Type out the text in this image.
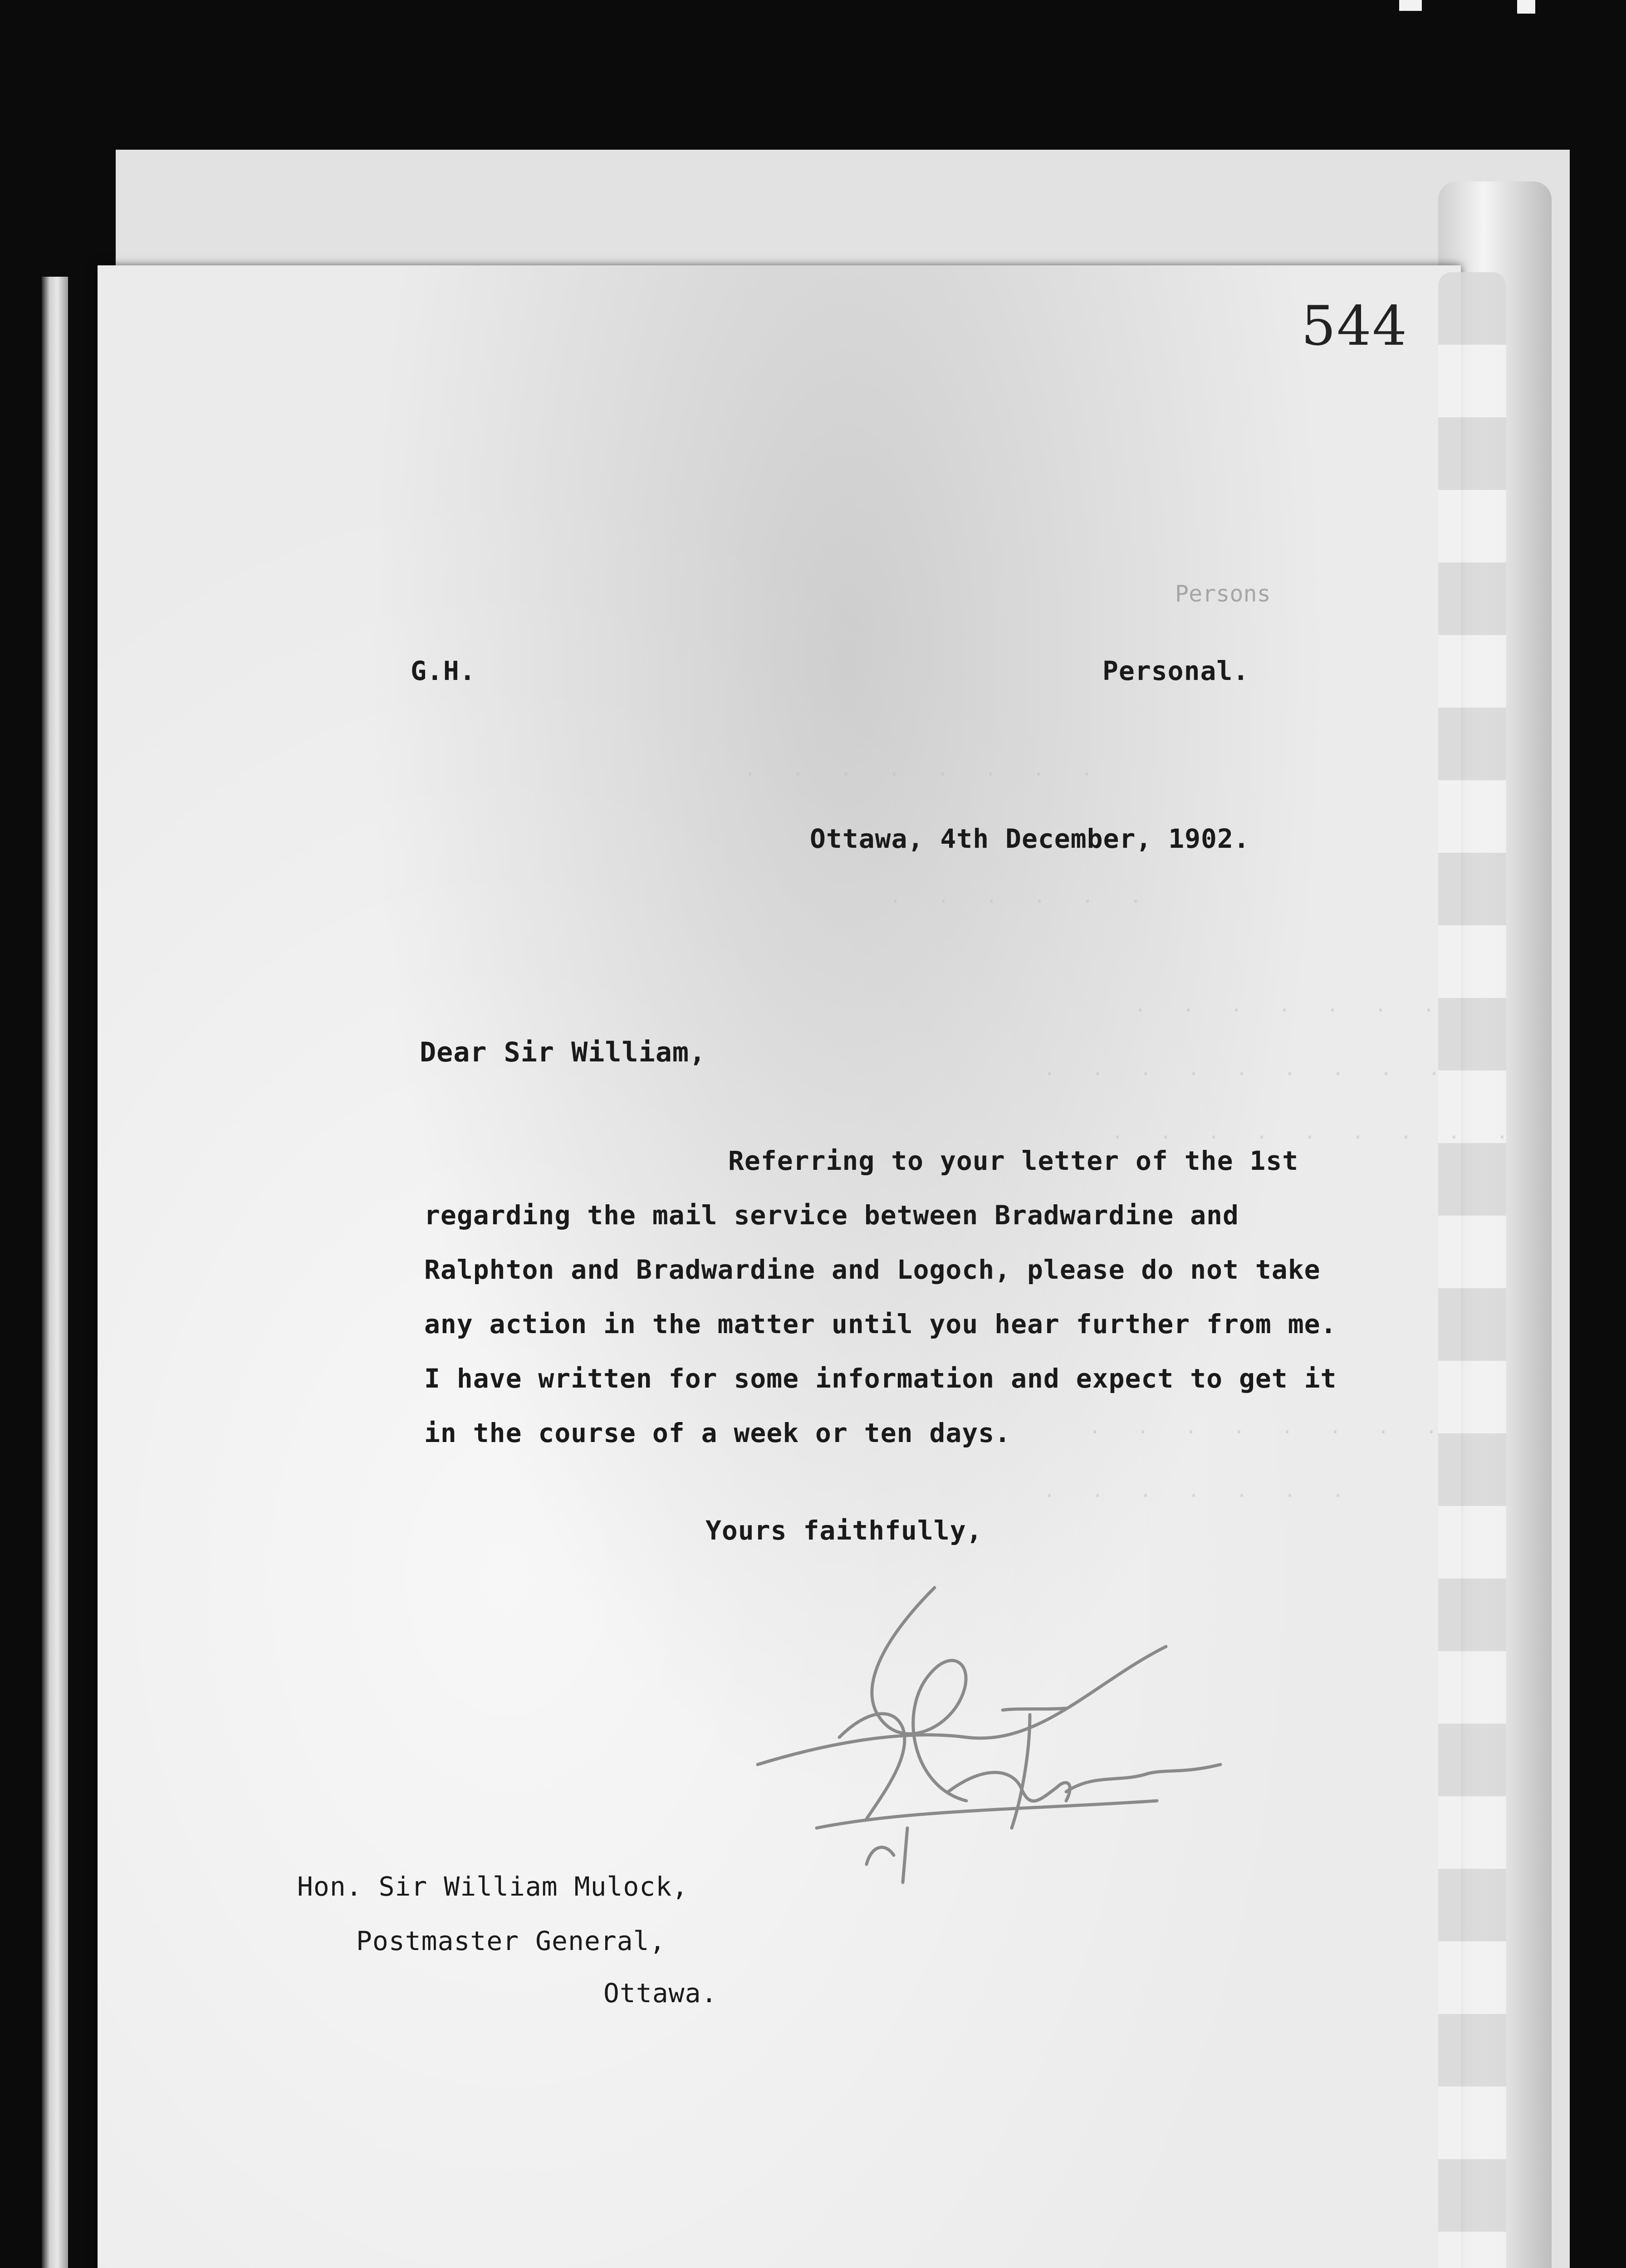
544
Persons
.   .   .   .   .   .   .   .
.   .   .   .   .   .
.   .   .   .   .   .   .
.   .   .   .   .   .   .   .   .
.   .   .   .   .   .   .   .   .
.   .   .   .   .   .   .   .
.   .   .   .   .   .   .
G.H.	Personal.
Ottawa, 4th December, 1902.
Dear Sir William,
Referring to your letter of the 1st
regarding the mail service between Bradwardine and
Ralphton and Bradwardine and Logoch, please do not take
any action in the matter until you hear further from me.
I have written for some information and expect to get it
in the course of a week or ten days.
Yours faithfully,
Hon. Sir William Mulock,
Postmaster General,
Ottawa.
